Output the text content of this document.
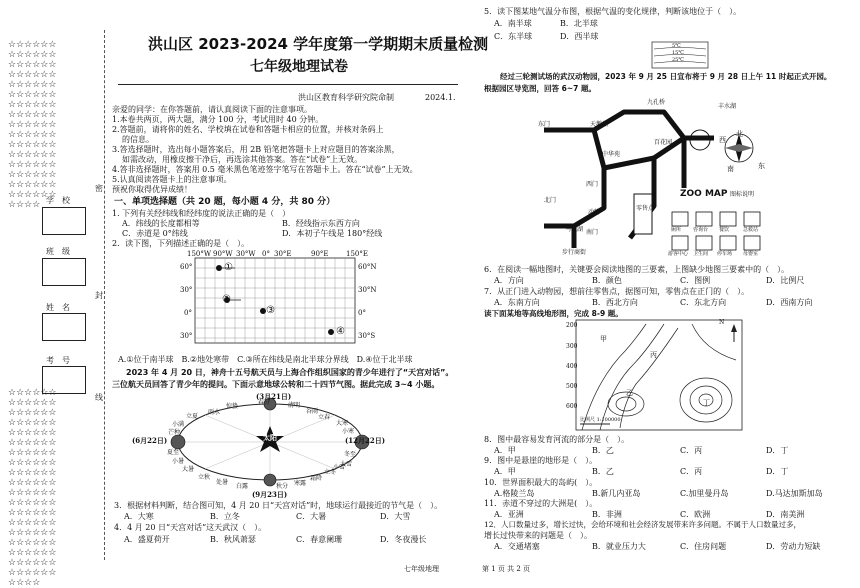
☆☆☆☆☆☆☆☆☆☆☆☆☆☆☆☆☆☆☆☆☆☆☆☆☆☆☆☆☆☆☆☆☆☆☆☆☆☆☆☆☆☆☆☆☆☆☆☆☆☆☆☆☆☆☆☆☆☆☆☆☆☆☆☆☆☆☆☆☆☆☆☆☆☆☆☆☆☆☆☆☆☆☆☆☆☆☆☆☆☆☆☆☆☆☆☆☆☆☆☆
☆☆☆☆☆☆☆☆☆☆☆☆☆☆☆☆☆☆☆☆☆☆☆☆☆☆☆☆☆☆☆☆☆☆☆☆☆☆☆☆☆☆☆☆☆☆☆☆☆☆☆☆☆☆☆☆☆☆☆☆☆☆☆☆☆☆☆☆☆☆☆☆☆☆☆☆☆☆☆☆☆☆☆☆☆☆☆☆☆☆☆☆☆☆☆☆☆☆☆☆☆☆☆☆☆☆☆☆☆☆☆☆☆☆☆☆☆☆
学　校
班　级
姓　名
考　号
密
封
线
洪山区 2023-2024 学年度第一学期期末质量检测
七年级地理试卷
洪山区教育科学研究院命制	2024.1.
亲爱的同学：在你答题前，请认真阅读下面的注意事项。
1.本卷共两页，两大题，满分 100 分，考试用时 40 分钟。
2.答题前，请将你的姓名、学校填在试卷和答题卡相应的位置，并核对条码上
的信息。
3.答选择题时，选出每小题答案后，用 2B 铅笔把答题卡上对应题目的答案涂黑，
如需改动，用橡皮擦干净后，再选涂其他答案。答在“试卷”上无效。
4.答非选择题时，答案用 0.5 毫米黑色笔迹签字笔写在答题卡上。答在“试卷”上无效。
5.认真阅读答题卡上的注意事项。
预祝你取得优异成绩！
一、单项选择题（共 20 题，每小题 4 分，共 80 分）
1. 下列有关经纬线和经纬度的说法正确的是（　）
A．纬线的长度都相等	B．经线指示东西方向
C．赤道是 0°纬线	D．本初子午线是 180°经线
2．读下图，下列描述正确的是（　）。
150°W 90°W 30°W 0° 30°E	90°E 150°E
60°
30°
0°
30°
60°N
30°N
0°
30°S
①
②
③
④
A.①位于南半球　B.②地处寒带　C.③所在纬线是南北半球分界线　D.④位于北半球
2023 年 4 月 20 日，神舟十五号航天员与上海合作组织国家的青少年进行了“天宫对话”。
三位航天员回答了青少年的提问。下面示意地球公转和二十四节气图。据此完成 3~4 小题。
太阳
(3月21日)
(6月22日)	(12月22日)
(9月23日)
惊蛰
春分	清明
谷雨
雨水
立春
立夏
小满
芒种
夏至
小暑
大暑
大寒
小寒
冬至
大雪
立秋
处暑
白露	秋分 寒露
霜降
立冬
小雪
3．根据材料判断，结合图可知，4 月 20 日“天宫对话”时，地球运行最接近的节气是（　）。
A．大寒	B．立冬	C．大暑	D．大雪
4．4 月 20 日“天宫对话”这天武汉（　）。
A．盛夏荷开	B．秋风萧瑟	C．春意阑珊	D．冬夜漫长
5．读下图某地气温分布图，根据气温的变化规律，判断该地位于（　）。
A．南半球	B．北半球
C．东半球	D．西半球
5℃
15℃
25℃
经过三轮测试场的武汉动物园，2023 年 9 月 25 日宣布将于 9 月 28 日上午 11 时起正式开园。
根据园区导览图，回答 6~7 题。
东门	天鹅湖
九孔桥
丰水湖
西门
北门
南门
动物
马池湖
中华苑
零售点
百花园
步行商街
北
西
东
南
ZOO MAP 图标说明
厕所 咨询台 餐饮	急救站
游客中心 卫生间 停车场 母婴室
6．在阅读一幅地图时，关键要会阅读地图的三要素，上图缺少地图三要素中的（　）。
A．方向	B．颜色	C．图例	D．比例尺
7．从正门进入动物园，想前往零售点，据图可知，零售点在正门的（　）。
A．东南方向	B．西北方向	C．东北方向	D．西南方向
读下面某地等高线地形图，完成 8-9 题。
200
300
400
500
600
甲
乙
丙
丁
N
比例尺 1:100000
8．图中最容易发育河流的部分是（　）。
A．甲	B．乙	C．丙	D．丁
9．图中是悬崖的地形是（　）。
A．甲	B．乙	C．丙	D．丁
10．世界面积最大的岛屿(　）。
A.格陵兰岛	B.新几内亚岛	C.加里曼丹岛	D.马达加斯加岛
11．赤道不穿过的大洲是(　）。
A．亚洲	B．非洲	C．欧洲	D．南美洲
12．人口数量过多，增长过快，会给环境和社会经济发展带来许多问题。不属于人口数量过多，
增长过快带来的问题是（　）。
A．交通堵塞	B．就业压力大	C．住房问题	D．劳动力短缺
七年级地理	第 1 页 共 2 页
